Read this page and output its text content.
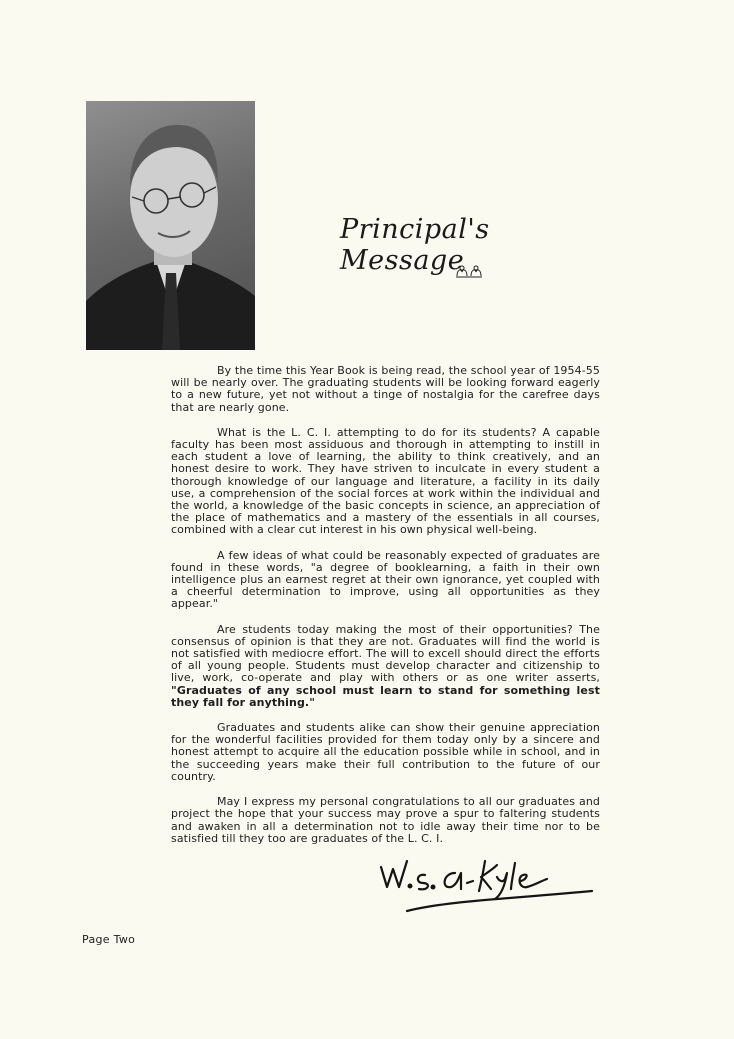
Principal's Message

By the time this Year Book is being read, the school year of 1954-55 will be nearly over. The graduating students will be looking forward eagerly to a new future, yet not without a tinge of nostalgia for the carefree days that are nearly gone.

What is the L. C. I. attempting to do for its students? A capable faculty has been most assiduous and thorough in attempting to instill in each student a love of learning, the ability to think creatively, and an honest desire to work. They have striven to inculcate in every student a thorough knowledge of our language and literature, a facility in its daily use, a comprehension of the social forces at work within the individual and the world, a knowledge of the basic concepts in science, an appreciation of the place of mathematics and a mastery of the essentials in all courses, combined with a clear cut interest in his own physical well-being.

A few ideas of what could be reasonably expected of graduates are found in these words, "a degree of booklearning, a faith in their own intelligence plus an earnest regret at their own ignorance, yet coupled with a cheerful determination to improve, using all opportunities as they appear."

Are students today making the most of their opportunities? The consensus of opinion is that they are not. Graduates will find the world is not satisfied with mediocre effort. The will to excell should direct the efforts of all young people. Students must develop character and citizenship to live, work, co-operate and play with others or as one writer asserts, "Graduates of any school must learn to stand for something lest they fall for anything."

Graduates and students alike can show their genuine appreciation for the wonderful facilities provided for them today only by a sincere and honest attempt to acquire all the education possible while in school, and in the succeeding years make their full contribution to the future of our country.

May I express my personal congratulations to all our graduates and project the hope that your success may prove a spur to faltering students and awaken in all a determination not to idle away their time nor to be satisfied till they too are graduates of the L. C. I.

Page Two
